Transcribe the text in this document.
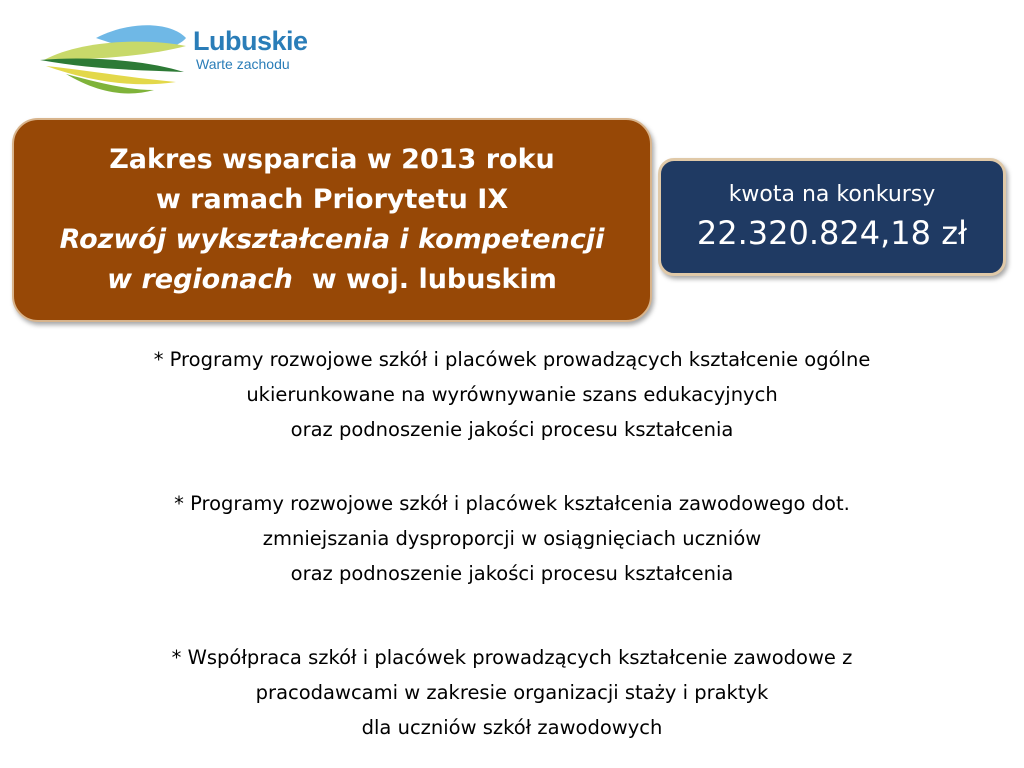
Lubuskie
Warte zachodu
Zakres wsparcia w 2013 roku
w ramach Priorytetu IX
Rozwój wykształcenia i kompetencji
w regionach  w woj. lubuskim
kwota na konkursy
22.320.824,18 zł
* Programy rozwojowe szkół i placówek prowadzących kształcenie ogólne
ukierunkowane na wyrównywanie szans edukacyjnych
oraz podnoszenie jakości procesu kształcenia
* Programy rozwojowe szkół i placówek kształcenia zawodowego dot.
zmniejszania dysproporcji w osiągnięciach uczniów
oraz podnoszenie jakości procesu kształcenia
* Współpraca szkół i placówek prowadzących kształcenie zawodowe z
pracodawcami w zakresie organizacji staży i praktyk
dla uczniów szkół zawodowych
